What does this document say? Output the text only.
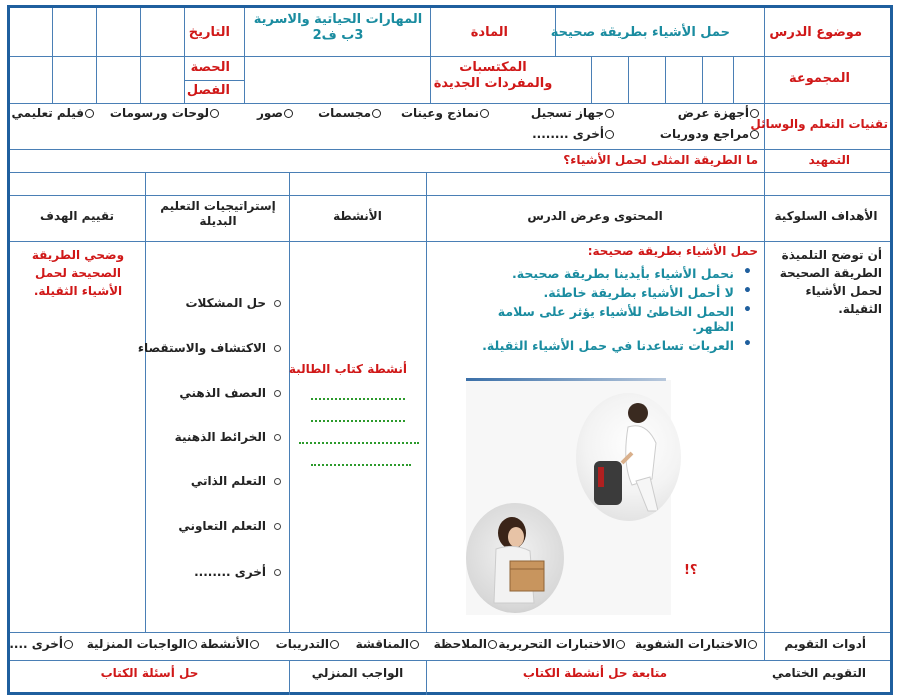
موضوع الدرس
حمل الأشياء بطريقة صحيحة
المادة
المهارات الحياتية والاسرية 3ب ف2
التاريخ
المجموعة
المكتسبات والمفردات الجديدة
الحصة
الفصل
تقنيات التعلم والوسائل
أجهزة عرض
جهاز تسجيل
نماذج وعينات
مجسمات
صور
لوحات ورسومات
فيلم تعليمي
مراجع ودوريات
أخرى ........
التمهيد
ما الطريقة المثلى لحمل الأشياء؟
الأهداف السلوكية
المحتوى وعرض الدرس
الأنشطة
إستراتيجيات التعليم البديلة
تقييم الهدف
أن توضح التلميذة الطريقة الصحيحة لحمل الأشياء الثقيلة.
حمل الأشياء بطريقة صحيحة:
• نحمل الأشياء بأيدينا بطريقة صحيحة.
• لا أحمل الأشياء بطريقة خاطئة.
• الحمل الخاطئ للأشياء يؤثر على سلامة الظهر.
• العربات تساعدنا في حمل الأشياء الثقيلة.
؟!
أنشطة كتاب الطالبة
حل المشكلات
الاكتشاف والاستقصاء
العصف الذهني
الخرائط الذهنية
التعلم الذاتي
التعلم التعاوني
أخرى ........
وضحي الطريقة الصحيحة لحمل الأشياء الثقيلة.
أدوات التقويم
الاختبارات الشفوية
الاختبارات التحريرية
الملاحظة
المناقشة
التدريبات
الأنشطة
الواجبات المنزلية
أخرى ....
التقويم الختامي
متابعة حل أنشطة الكتاب
الواجب المنزلي
حل أسئلة الكتاب
